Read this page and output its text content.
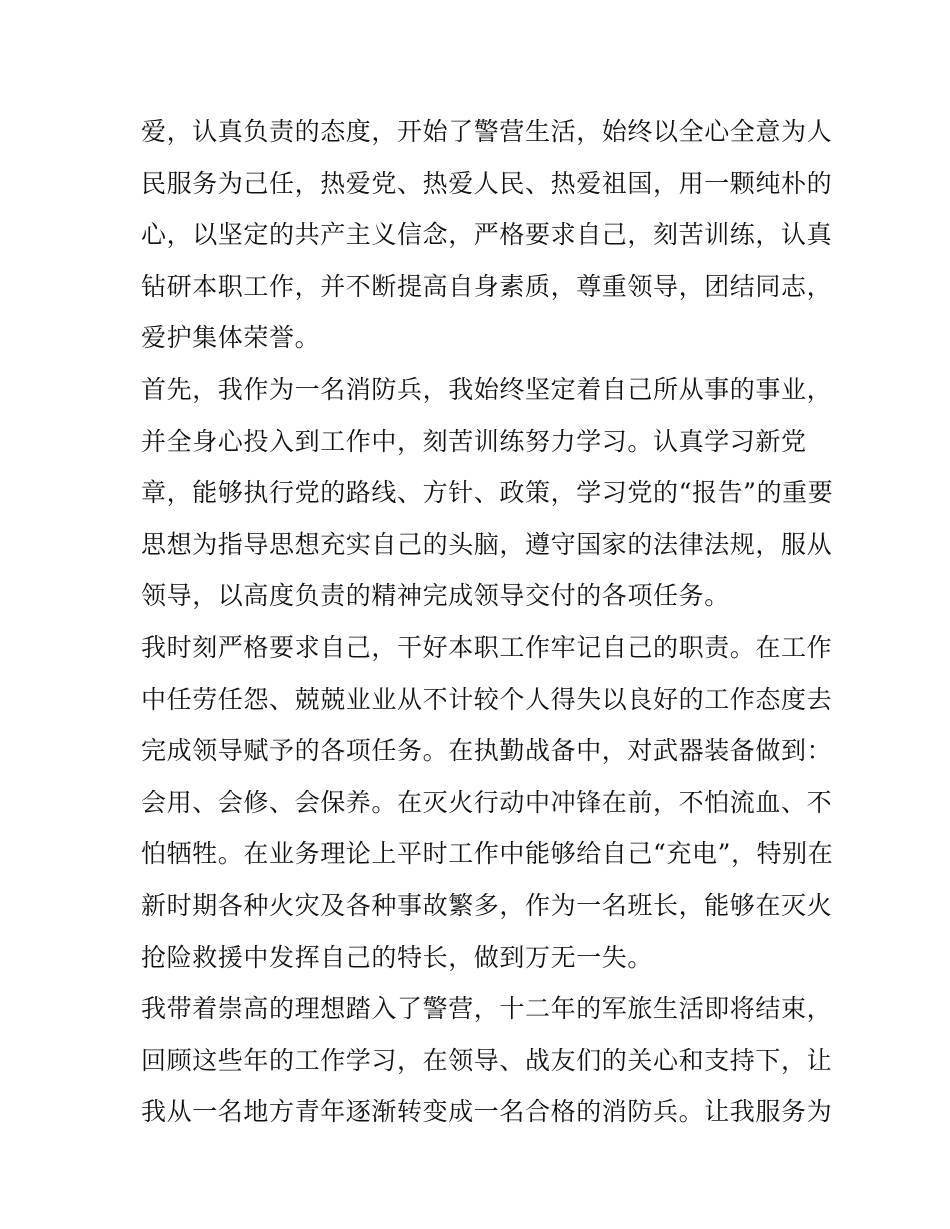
爱，认真负责的态度，开始了警营生活，始终以全心全意为人
民服务为己任，热爱党、热爱人民、热爱祖国，用一颗纯朴的
心，以坚定的共产主义信念，严格要求自己，刻苦训练，认真
钻研本职工作，并不断提高自身素质，尊重领导，团结同志，
爱护集体荣誉。
首先，我作为一名消防兵，我始终坚定着自己所从事的事业，
并全身心投入到工作中，刻苦训练努力学习。认真学习新党
章，能够执行党的路线、方针、政策，学习党的“报告”的重要
思想为指导思想充实自己的头脑，遵守国家的法律法规，服从
领导，以高度负责的精神完成领导交付的各项任务。
我时刻严格要求自己，干好本职工作牢记自己的职责。在工作
中任劳任怨、兢兢业业从不计较个人得失以良好的工作态度去
完成领导赋予的各项任务。在执勤战备中，对武器装备做到：
会用、会修、会保养。在灭火行动中冲锋在前，不怕流血、不
怕牺牲。在业务理论上平时工作中能够给自己“充电”，特别在
新时期各种火灾及各种事故繁多，作为一名班长，能够在灭火
抢险救援中发挥自己的特长，做到万无一失。
我带着崇高的理想踏入了警营，十二年的军旅生活即将结束，
回顾这些年的工作学习，在领导、战友们的关心和支持下，让
我从一名地方青年逐渐转变成一名合格的消防兵。让我服务为
